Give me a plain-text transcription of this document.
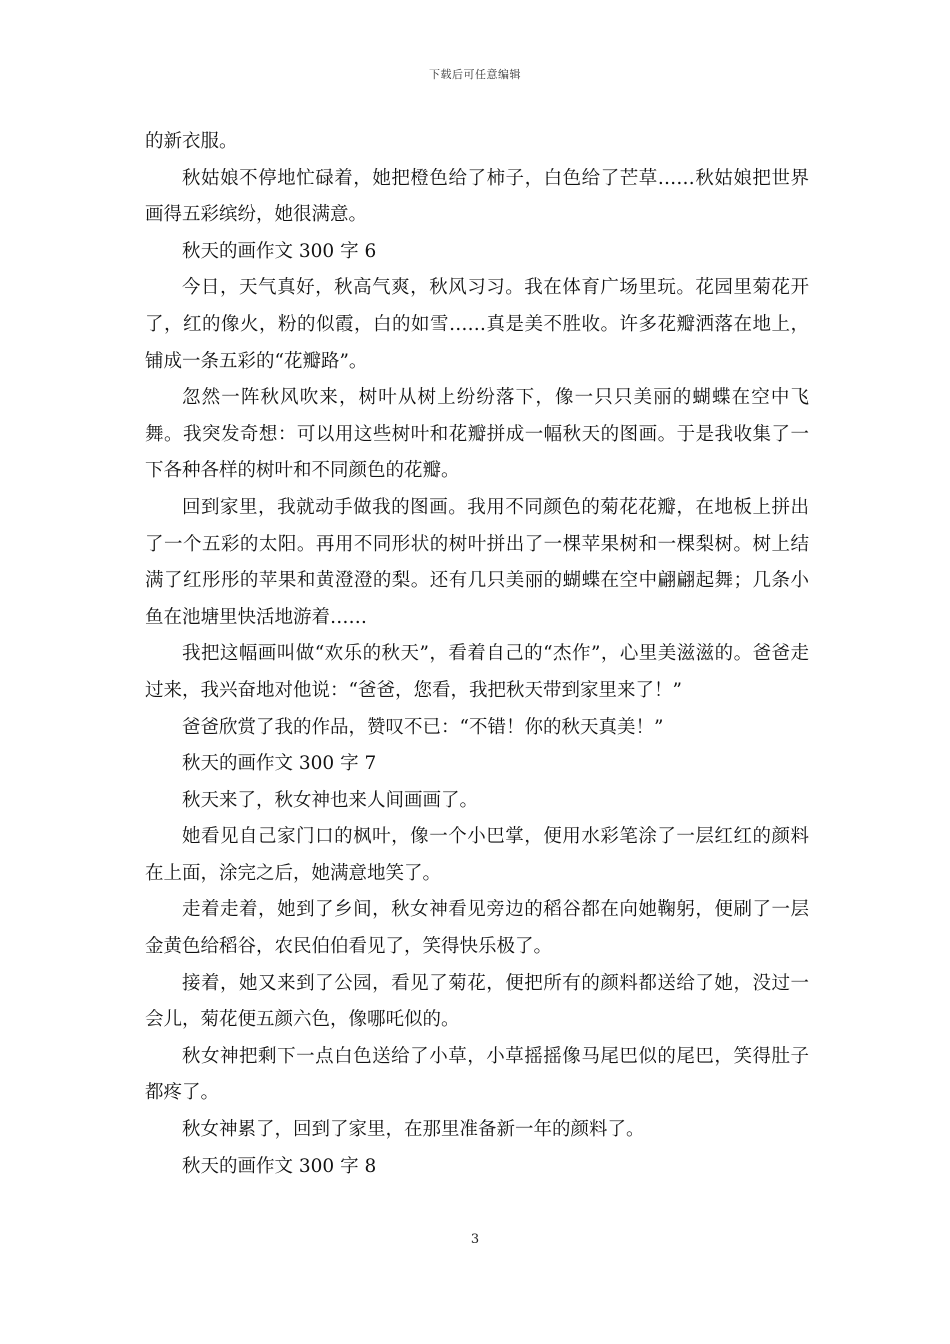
下载后可任意编辑

的新衣服。

秋姑娘不停地忙碌着，她把橙色给了柿子，白色给了芒草……秋姑娘把世界画得五彩缤纷，她很满意。

秋天的画作文 300 字 6

今日，天气真好，秋高气爽，秋风习习。我在体育广场里玩。花园里菊花开了，红的像火，粉的似霞，白的如雪……真是美不胜收。许多花瓣洒落在地上，铺成一条五彩的“花瓣路”。

忽然一阵秋风吹来，树叶从树上纷纷落下，像一只只美丽的蝴蝶在空中飞舞。我突发奇想：可以用这些树叶和花瓣拼成一幅秋天的图画。于是我收集了一下各种各样的树叶和不同颜色的花瓣。

回到家里，我就动手做我的图画。我用不同颜色的菊花花瓣，在地板上拼出了一个五彩的太阳。再用不同形状的树叶拼出了一棵苹果树和一棵梨树。树上结满了红彤彤的苹果和黄澄澄的梨。还有几只美丽的蝴蝶在空中翩翩起舞；几条小鱼在池塘里快活地游着……

我把这幅画叫做“欢乐的秋天”，看着自己的“杰作”，心里美滋滋的。爸爸走过来，我兴奋地对他说：“爸爸，您看，我把秋天带到家里来了！”

爸爸欣赏了我的作品，赞叹不已：“不错！你的秋天真美！”

秋天的画作文 300 字 7

秋天来了，秋女神也来人间画画了。

她看见自己家门口的枫叶，像一个小巴掌，便用水彩笔涂了一层红红的颜料在上面，涂完之后，她满意地笑了。

走着走着，她到了乡间，秋女神看见旁边的稻谷都在向她鞠躬，便刷了一层金黄色给稻谷，农民伯伯看见了，笑得快乐极了。

接着，她又来到了公园，看见了菊花，便把所有的颜料都送给了她，没过一会儿，菊花便五颜六色，像哪吒似的。

秋女神把剩下一点白色送给了小草，小草摇摇像马尾巴似的尾巴，笑得肚子都疼了。

秋女神累了，回到了家里，在那里准备新一年的颜料了。

秋天的画作文 300 字 8

3
